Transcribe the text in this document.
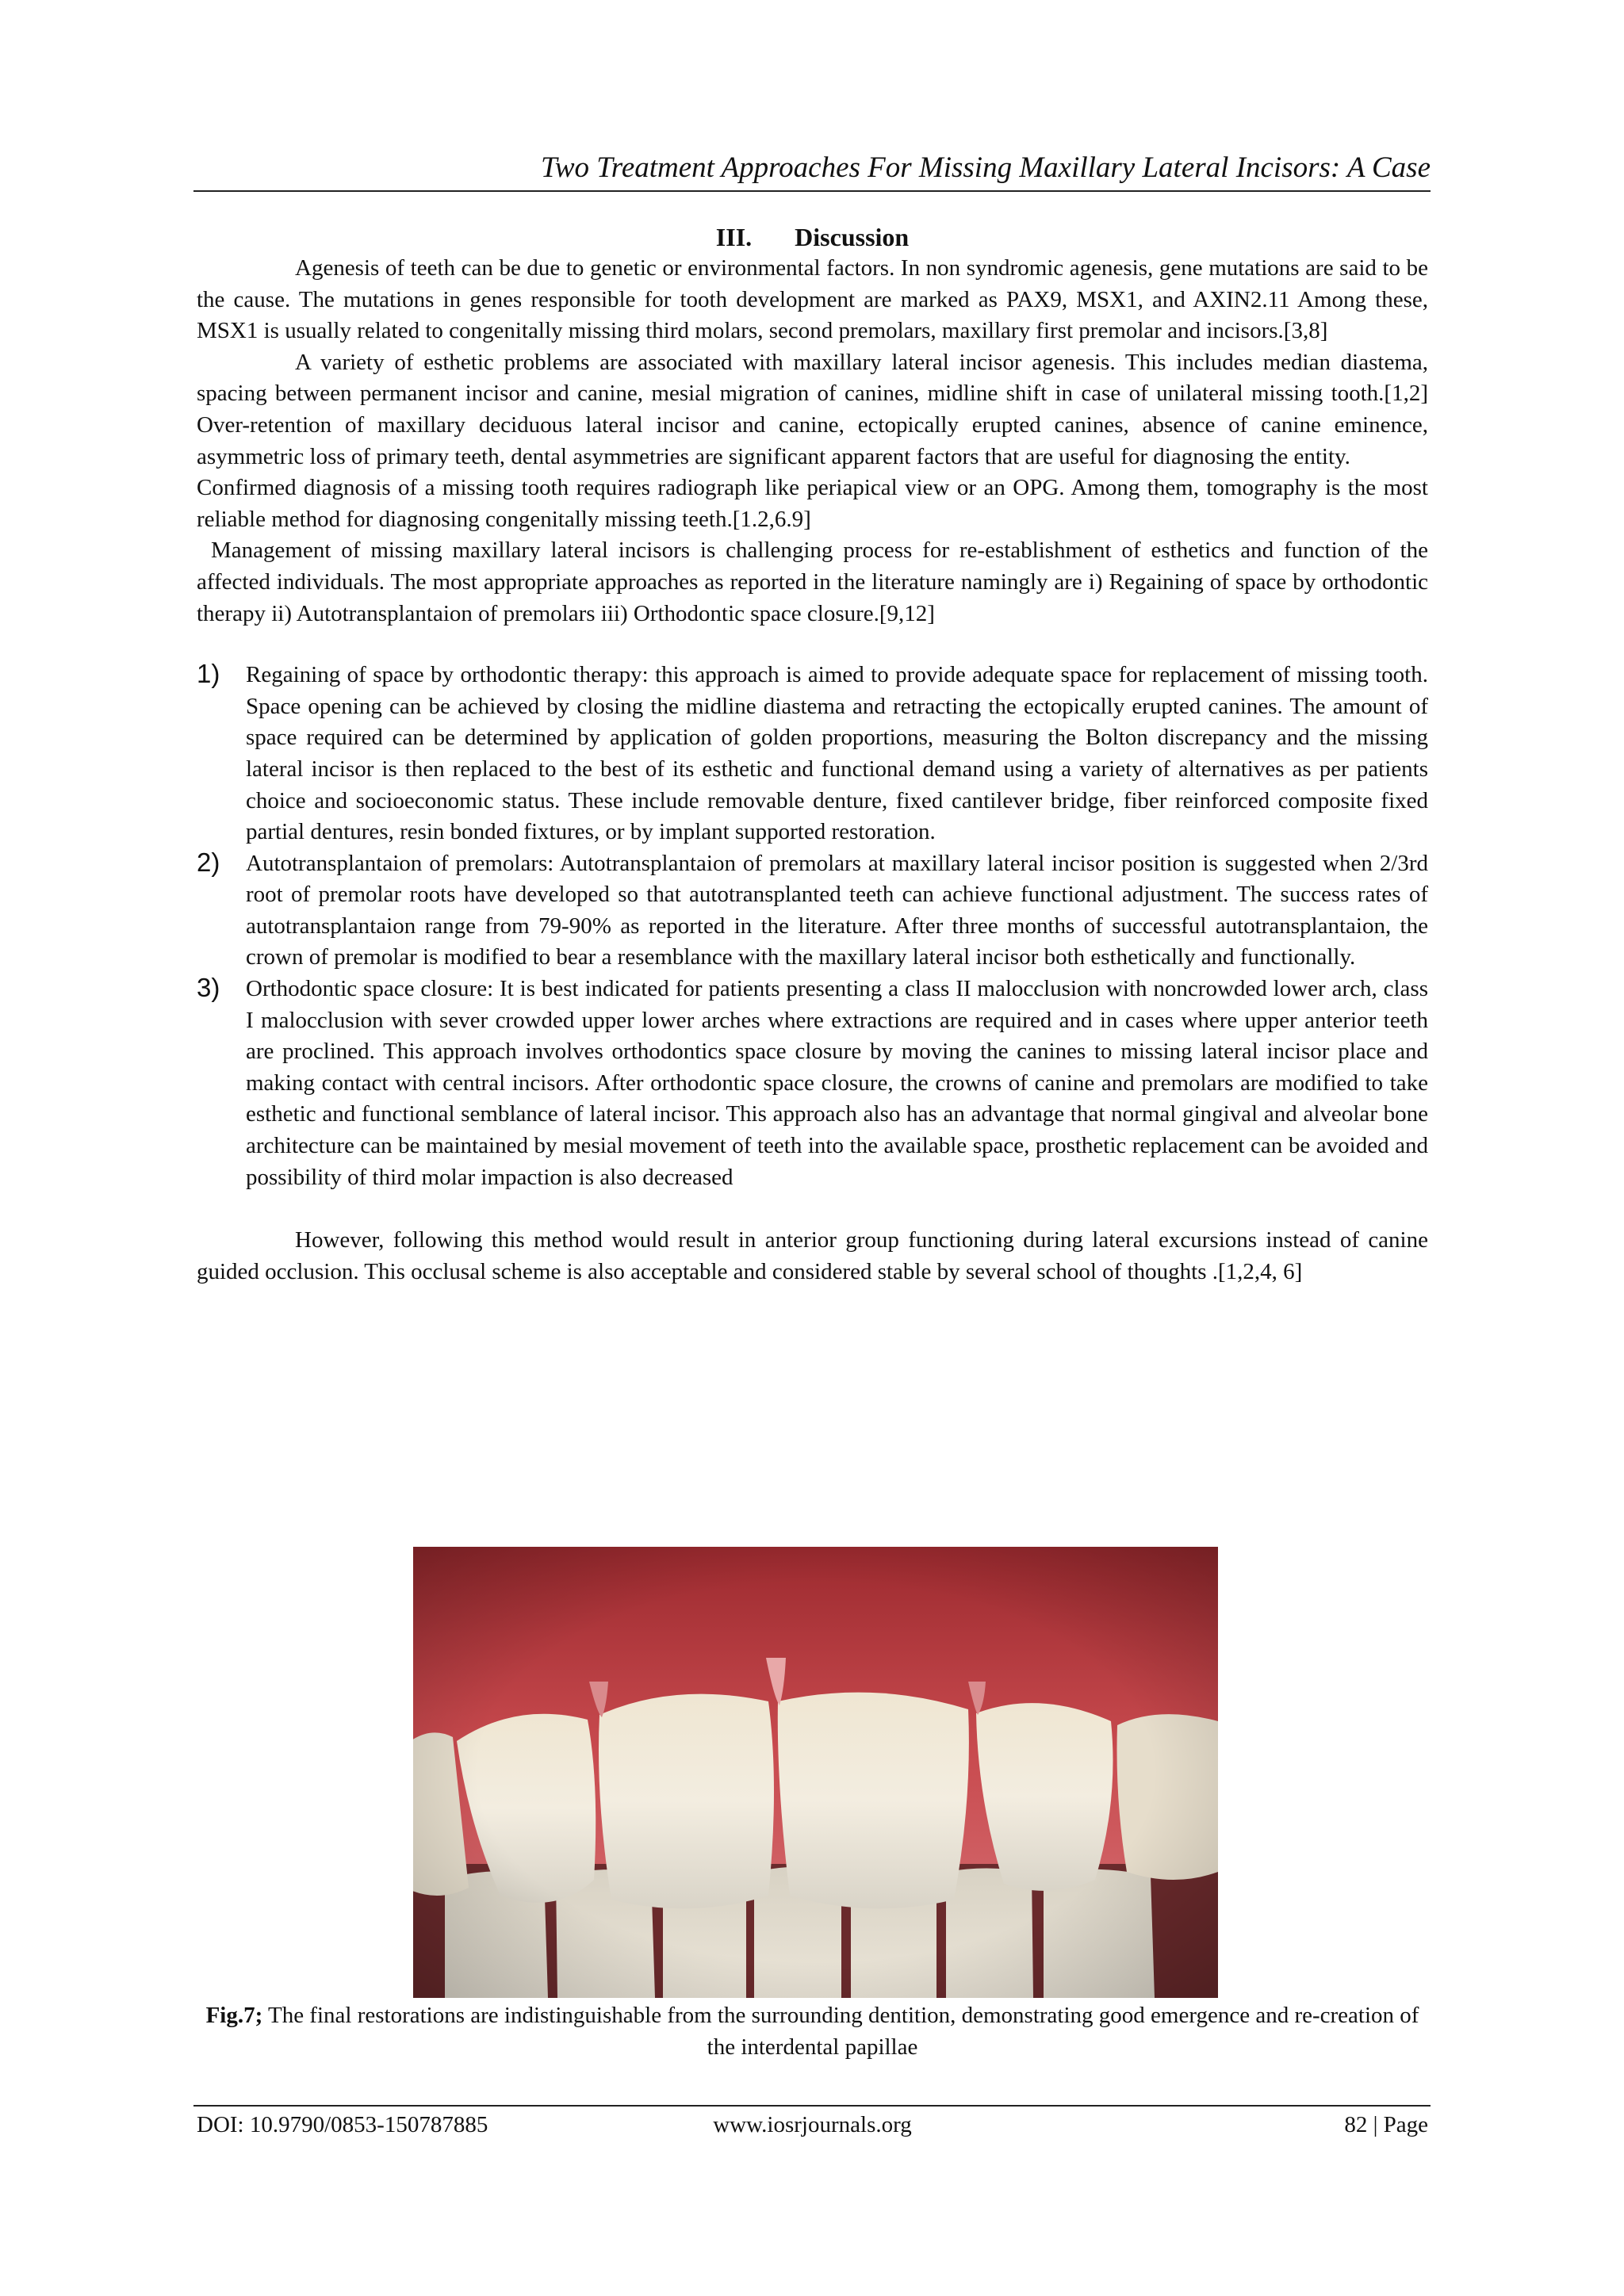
Two Treatment Approaches For Missing Maxillary Lateral Incisors: A Case
III. Discussion

Agenesis of teeth can be due to genetic or environmental factors. In non syndromic agenesis, gene mutations are said to be the cause. The mutations in genes responsible for tooth development are marked as PAX9, MSX1, and AXIN2.11 Among these, MSX1 is usually related to congenitally missing third molars, second premolars, maxillary first premolar and incisors.[3,8]

A variety of esthetic problems are associated with maxillary lateral incisor agenesis. This includes median diastema, spacing between permanent incisor and canine, mesial migration of canines, midline shift in case of unilateral missing tooth.[1,2] Over-retention of maxillary deciduous lateral incisor and canine, ectopically erupted canines, absence of canine eminence, asymmetric loss of primary teeth, dental asymmetries are significant apparent factors that are useful for diagnosing the entity.

Confirmed diagnosis of a missing tooth requires radiograph like periapical view or an OPG. Among them, tomography is the most reliable method for diagnosing congenitally missing teeth.[1.2,6.9]

Management of missing maxillary lateral incisors is challenging process for re-establishment of esthetics and function of the affected individuals. The most appropriate approaches as reported in the literature namingly are i) Regaining of space by orthodontic therapy ii) Autotransplantaion of premolars iii) Orthodontic space closure.[9,12]

1) Regaining of space by orthodontic therapy: this approach is aimed to provide adequate space for replacement of missing tooth. Space opening can be achieved by closing the midline diastema and retracting the ectopically erupted canines. The amount of space required can be determined by application of golden proportions, measuring the Bolton discrepancy and the missing lateral incisor is then replaced to the best of its esthetic and functional demand using a variety of alternatives as per patients choice and socioeconomic status. These include removable denture, fixed cantilever bridge, fiber reinforced composite fixed partial dentures, resin bonded fixtures, or by implant supported restoration.
2) Autotransplantaion of premolars: Autotransplantaion of premolars at maxillary lateral incisor position is suggested when 2/3rd root of premolar roots have developed so that autotransplanted teeth can achieve functional adjustment. The success rates of autotransplantaion range from 79-90% as reported in the literature. After three months of successful autotransplantaion, the crown of premolar is modified to bear a resemblance with the maxillary lateral incisor both esthetically and functionally.
3) Orthodontic space closure: It is best indicated for patients presenting a class II malocclusion with noncrowded lower arch, class I malocclusion with sever crowded upper lower arches where extractions are required and in cases where upper anterior teeth are proclined. This approach involves orthodontics space closure by moving the canines to missing lateral incisor place and making contact with central incisors. After orthodontic space closure, the crowns of canine and premolars are modified to take esthetic and functional semblance of lateral incisor. This approach also has an advantage that normal gingival and alveolar bone architecture can be maintained by mesial movement of teeth into the available space, prosthetic replacement can be avoided and possibility of third molar impaction is also decreased

However, following this method would result in anterior group functioning during lateral excursions instead of canine guided occlusion. This occlusal scheme is also acceptable and considered stable by several school of thoughts .[1,2,4, 6]

Fig.7; The final restorations are indistinguishable from the surrounding dentition, demonstrating good emergence and re-creation of the interdental papillae
DOI: 10.9790/0853-150787885	www.iosrjournals.org	82 | Page
